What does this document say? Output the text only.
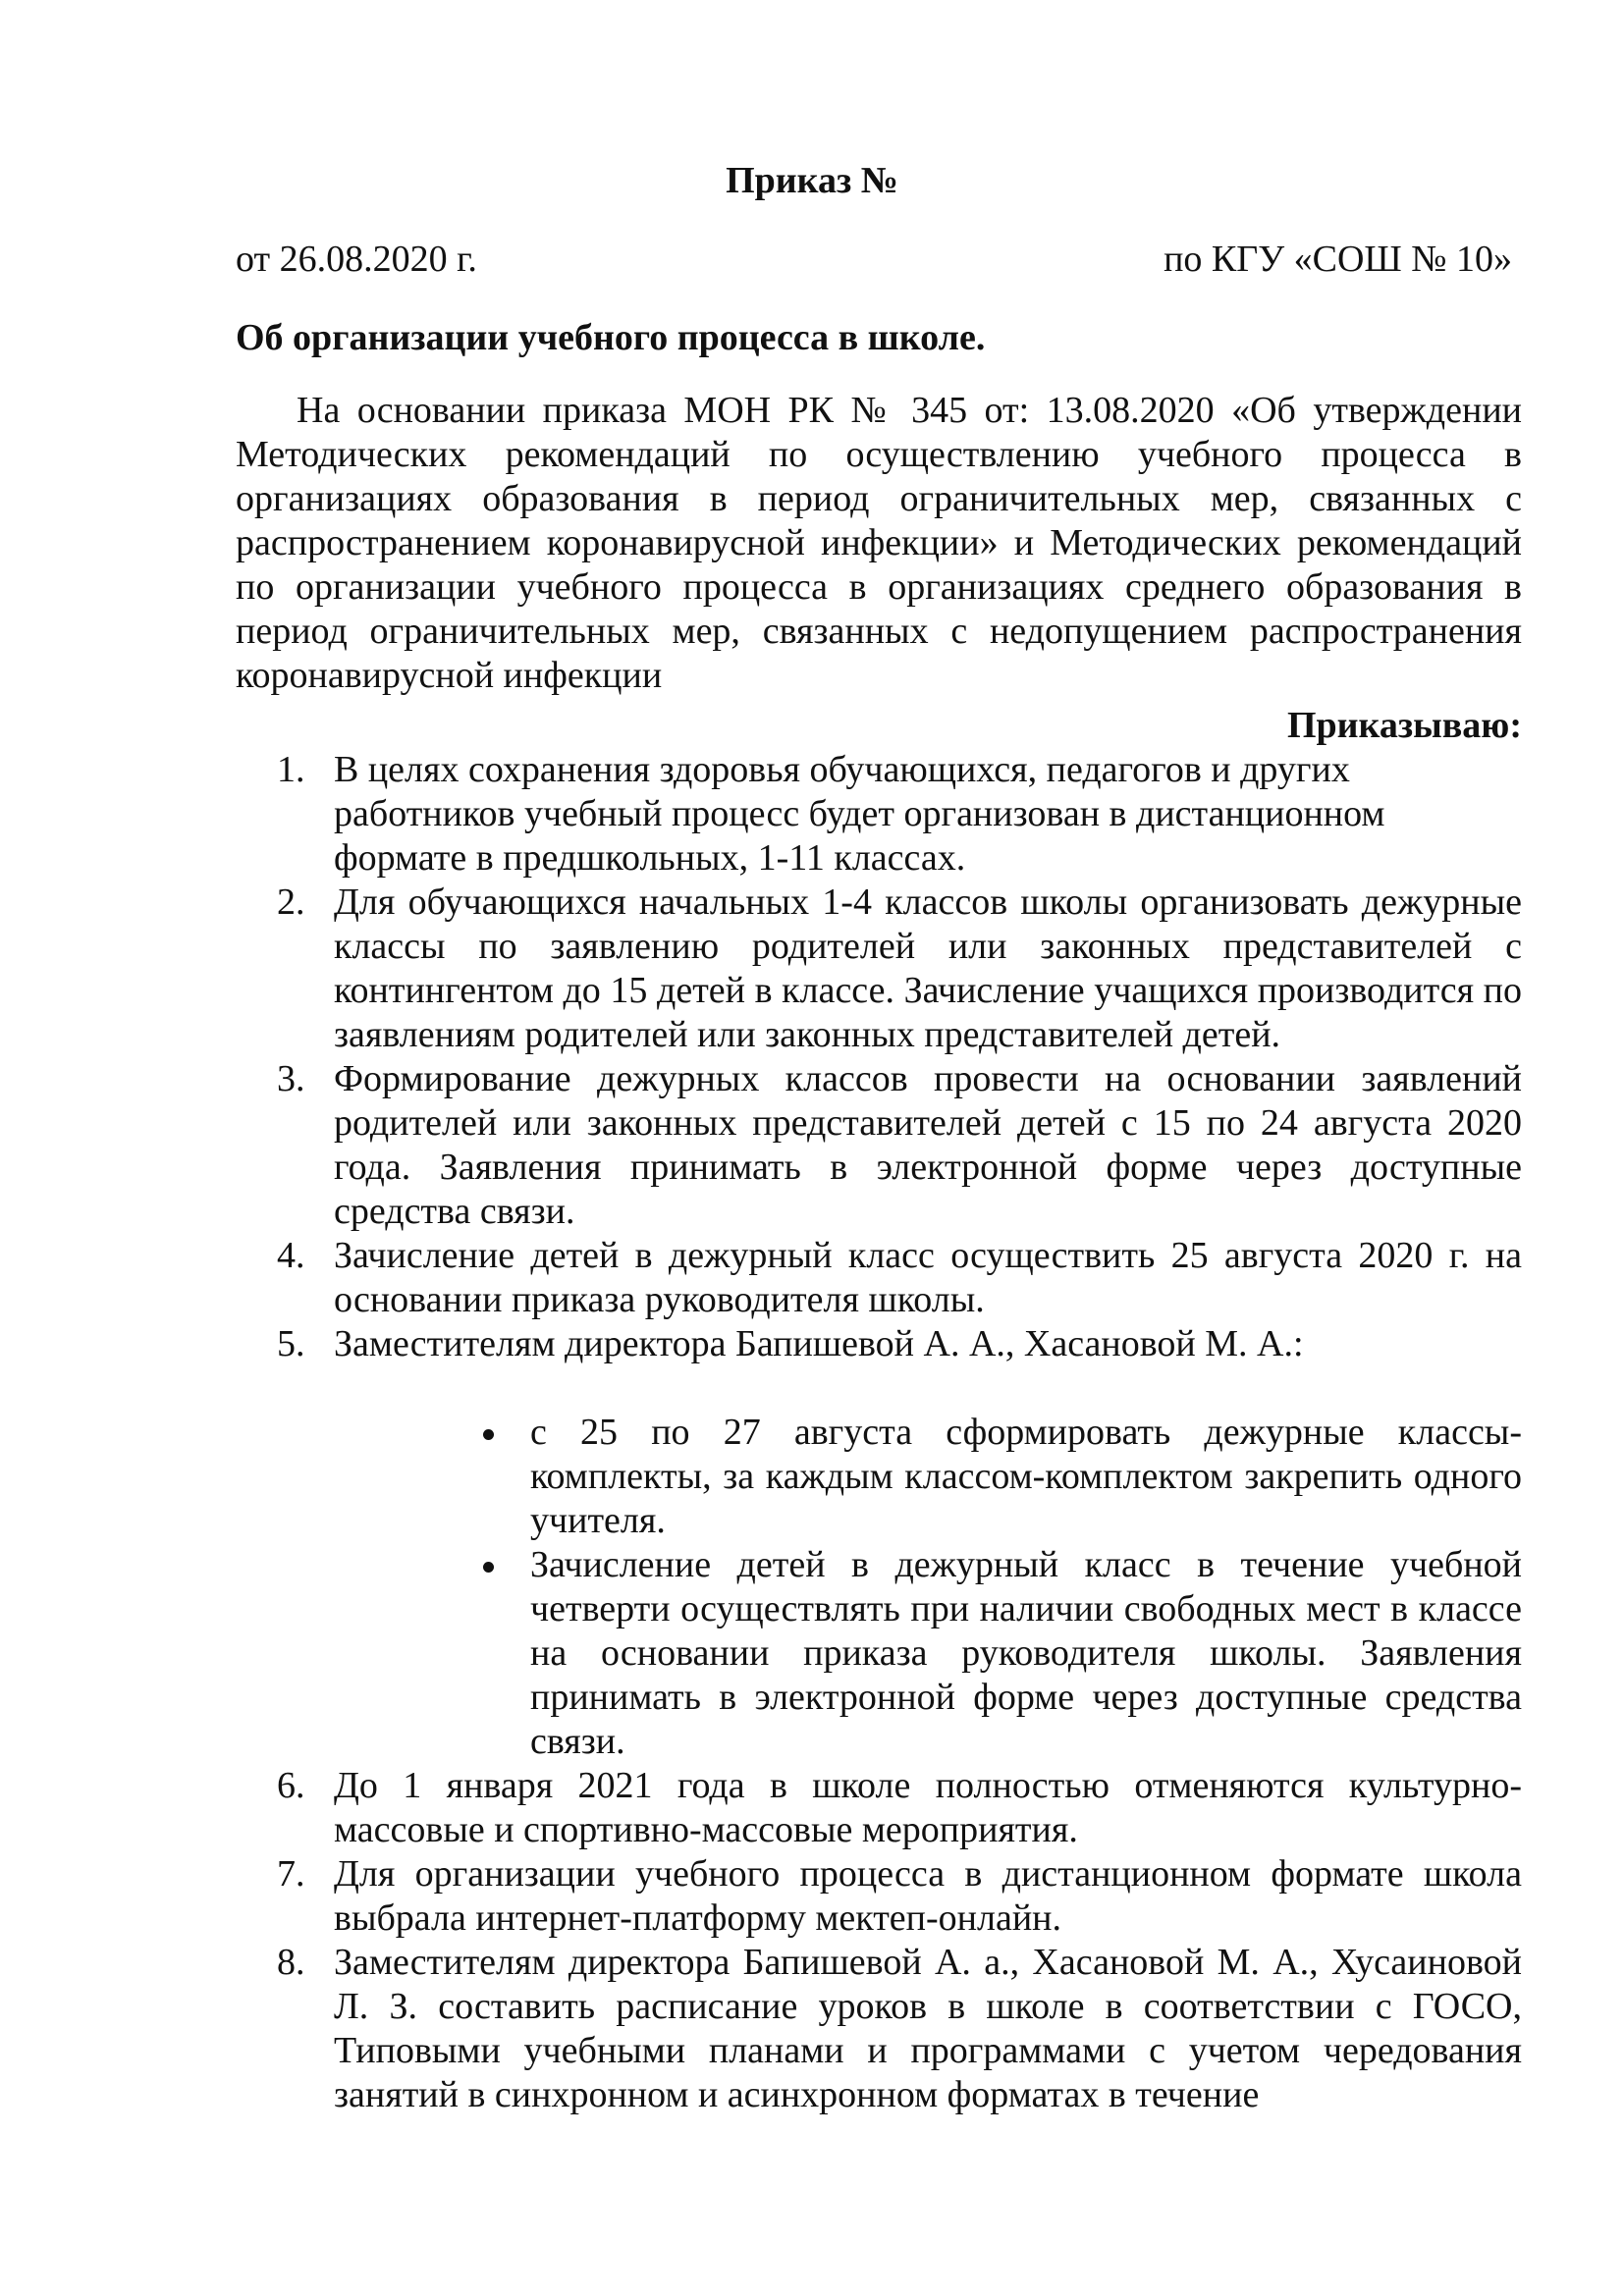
Приказ №
от 26.08.2020 г.	по КГУ «СОШ № 10»
Об организации учебного процесса в школе.

На основании приказа МОН РК № 345 от: 13.08.2020 «Об утверждении Методических рекомендаций по осуществлению учебного процесса в организациях образования в период ограничительных мер, связанных с распространением коронавирусной инфекции» и Методических рекомендаций по организации учебного процесса в организациях среднего образования в период ограничительных мер, связанных с недопущением распространения коронавирусной инфекции

Приказываю:

1. В целях сохранения здоровья обучающихся, педагогов и других работников учебный процесс будет организован в дистанционном формате в предшкольных, 1-11 классах.
2. Для обучающихся начальных 1-4 классов школы организовать дежурные классы по заявлению родителей или законных представителей с контингентом до 15 детей в классе. Зачисление учащихся производится по заявлениям родителей или законных представителей детей.
3. Формирование дежурных классов провести на основании заявлений родителей или законных представителей детей с 15 по 24 августа 2020 года. Заявления принимать в электронной форме через доступные средства связи.
4. Зачисление детей в дежурный класс осуществить 25 августа 2020 г. на основании приказа руководителя школы.
5. Заместителям директора Бапишевой А. А., Хасановой М. А.:
с 25 по 27 августа сформировать дежурные классы-комплекты, за каждым классом-комплектом закрепить одного учителя.
Зачисление детей в дежурный класс в течение учебной четверти осуществлять при наличии свободных мест в классе на основании приказа руководителя школы. Заявления принимать в электронной форме через доступные средства связи.
6. До 1 января 2021 года в школе полностью отменяются культурно-массовые и спортивно-массовые мероприятия.
7. Для организации учебного процесса в дистанционном формате школа выбрала интернет-платформу мектеп-онлайн.
8. Заместителям директора Бапишевой А. а., Хасановой М. А., Хусаиновой Л. З. составить расписание уроков в школе в соответствии с ГОСО, Типовыми учебными планами и программами с учетом чередования занятий в синхронном и асинхронном форматах в течение
